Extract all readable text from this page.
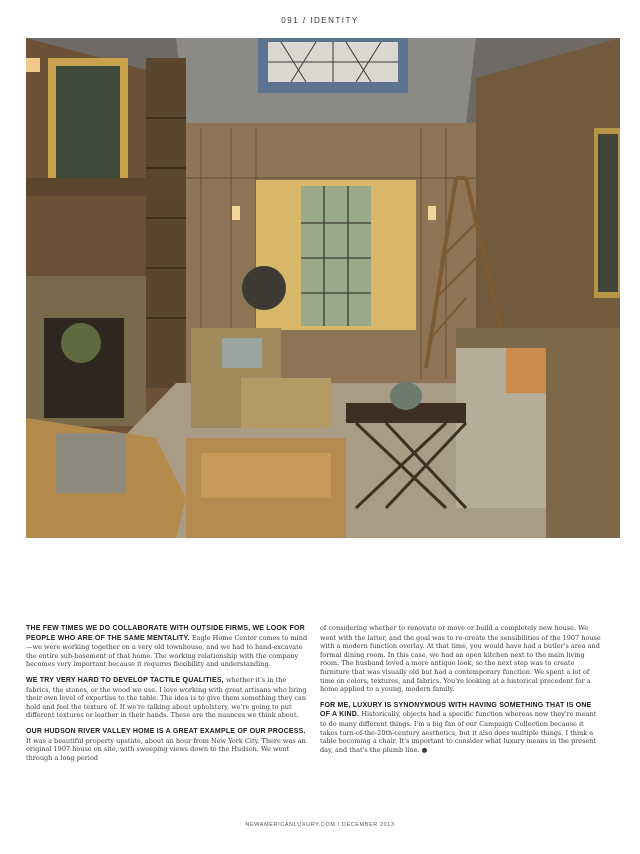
091 / IDENTITY
02

THE FEW TIMES WE DO COLLABORATE WITH OUTSIDE FIRMS, WE LOOK FOR PEOPLE WHO ARE OF THE SAME MENTALITY. Eagle Home Center comes to mind—we were working together on a very old townhouse, and we had to hand-excavate the entire sub-basement of that home. The working relationship with the company becomes very important because it requires flexibility and understanding.

WE TRY VERY HARD TO DEVELOP TACTILE QUALITIES, whether it's in the fabrics, the stones, or the wood we use. I love working with great artisans who bring their own level of expertise to the table. The idea is to give them something they can hold and feel the texture of. If we're talking about upholstery, we're going to put different textures or leather in their hands. These are the nuances we think about.

OUR HUDSON RIVER VALLEY HOME IS A GREAT EXAMPLE OF OUR PROCESS. It was a beautiful property upstate, about an hour from New York City. There was an original 1907 house on site, with sweeping views down to the Hudson. We went through a long period

of considering whether to renovate or move or build a completely new house. We went with the latter, and the goal was to re-create the sensibilities of the 1907 house with a modern function overlay. At that time, you would have had a butler's area and formal dining room. In this case, we had an open kitchen next to the main living room. The husband loved a more antique look, so the next step was to create furniture that was visually old but had a contemporary function. We spent a lot of time on colors, textures, and fabrics. You're looking at a historical precedent for a home applied to a young, modern family.

FOR ME, LUXURY IS SYNONYMOUS WITH HAVING SOMETHING THAT IS ONE OF A KIND. Historically, objects had a specific function whereas now they're meant to do many different things. I'm a big fan of our Campaign Collection because it takes turn-of-the-20th-century aesthetics, but it also does multiple things. I think a table becoming a chair. It's important to consider what luxury means in the present day, and that's the plumb line. ●

NEWAMERICANLUXURY.COM / DECEMBER 2013
